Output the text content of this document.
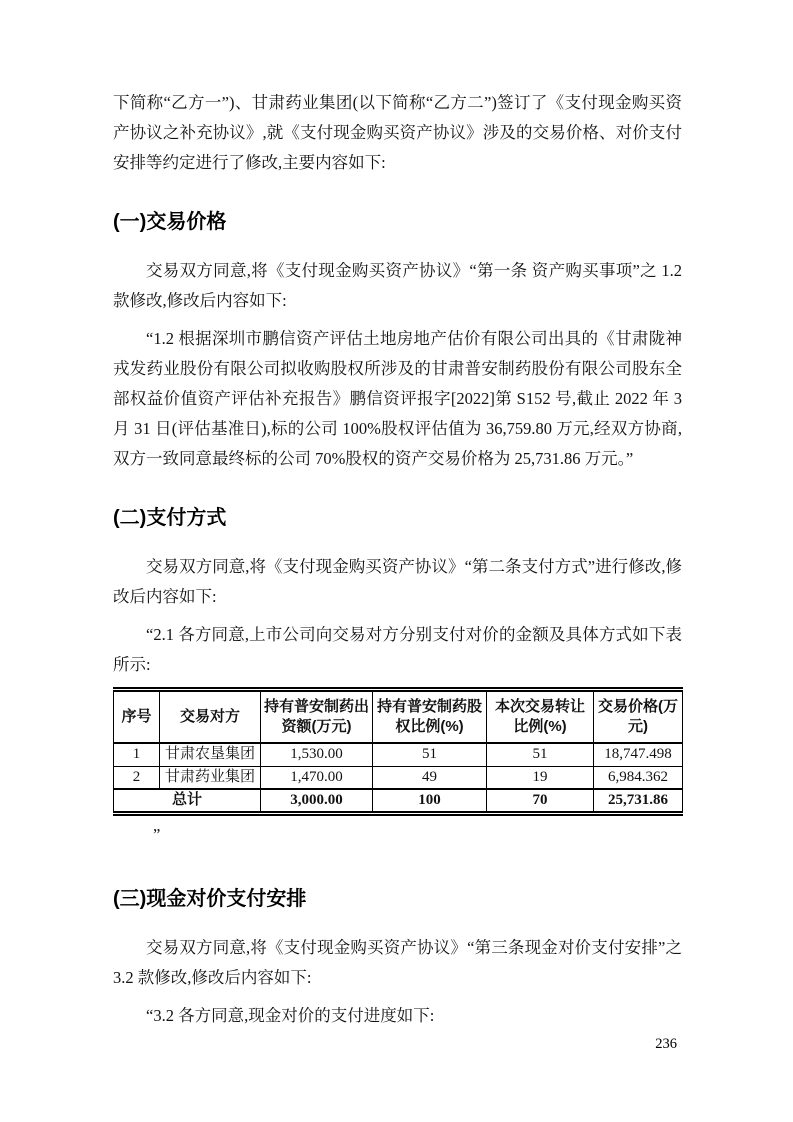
下简称“乙方一”)、甘肃药业集团(以下简称“乙方二”)签订了《支付现金购买资产协议之补充协议》,就《支付现金购买资产协议》涉及的交易价格、对价支付安排等约定进行了修改,主要内容如下:

(一)交易价格

交易双方同意,将《支付现金购买资产协议》“第一条 资产购买事项”之 1.2 款修改,修改后内容如下:

“1.2 根据深圳市鹏信资产评估土地房地产估价有限公司出具的《甘肃陇神戎发药业股份有限公司拟收购股权所涉及的甘肃普安制药股份有限公司股东全部权益价值资产评估补充报告》鹏信资评报字[2022]第 S152 号,截止 2022 年 3 月 31 日(评估基准日),标的公司 100%股权评估值为 36,759.80 万元,经双方协商,双方一致同意最终标的公司 70%股权的资产交易价格为 25,731.86 万元。”

(二)支付方式

交易双方同意,将《支付现金购买资产协议》“第二条支付方式”进行修改,修改后内容如下:

“2.1 各方同意,上市公司向交易对方分别支付对价的金额及具体方式如下表所示:

序号	交易对方	持有普安制药出资额(万元)	持有普安制药股权比例(%)	本次交易转让比例(%)	交易价格(万元)
1	甘肃农垦集团	1,530.00	51	51	18,747.498
2	甘肃药业集团	1,470.00	49	19	6,984.362
总计		3,000.00	100	70	25,731.86

”

(三)现金对价支付安排

交易双方同意,将《支付现金购买资产协议》“第三条现金对价支付安排”之 3.2 款修改,修改后内容如下:

“3.2 各方同意,现金对价的支付进度如下:

236
